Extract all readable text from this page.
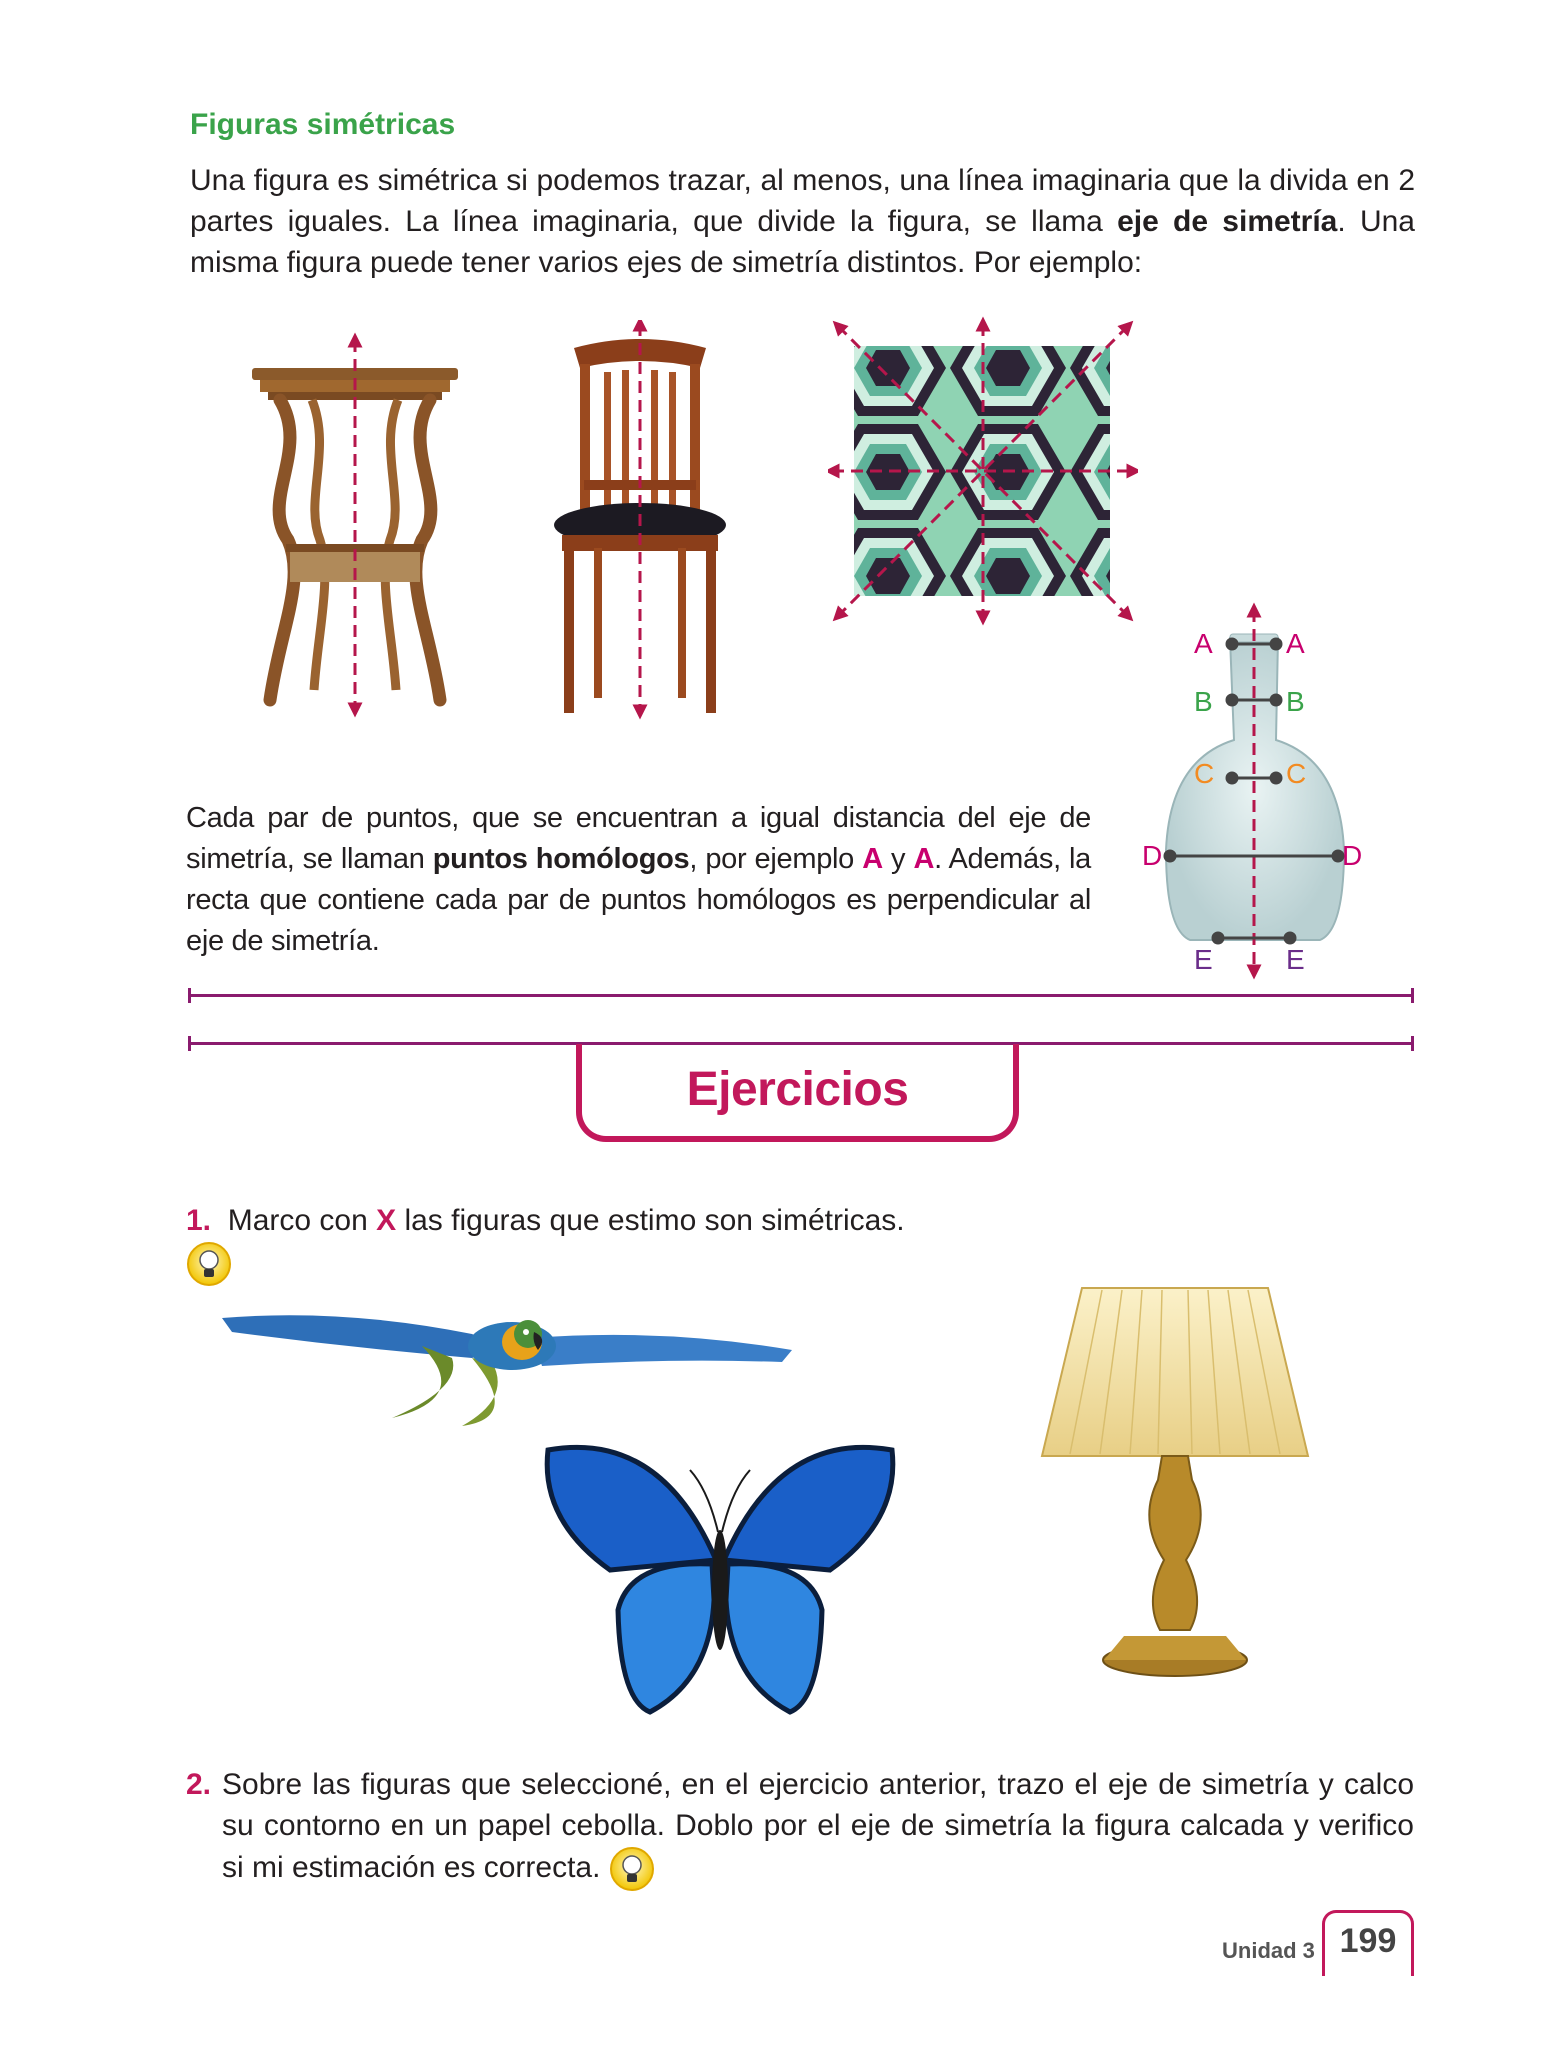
Figuras simétricas
Una figura es simétrica si podemos trazar, al menos, una línea imaginaria que la divida en 2 partes iguales. La línea imaginaria, que divide la figura, se llama eje de simetría. Una misma figura puede tener varios ejes de simetría distintos. Por ejemplo:
Cada par de puntos, que se encuentran a igual distancia del eje de simetría, se llaman puntos homólogos, por ejemplo A y A. Además, la recta que contiene cada par de puntos homólogos es perpendicular al eje de simetría.
A	A
B	B
C	C
D	D
E	E
Ejercicios
1. Marco con X las figuras que estimo son simétricas.
2. Sobre las figuras que seleccioné, en el ejercicio anterior, trazo el eje de simetría y calco su contorno en un papel cebolla. Doblo por el eje de simetría la figura calcada y verifico si mi estimación es correcta.
Unidad 3 199
